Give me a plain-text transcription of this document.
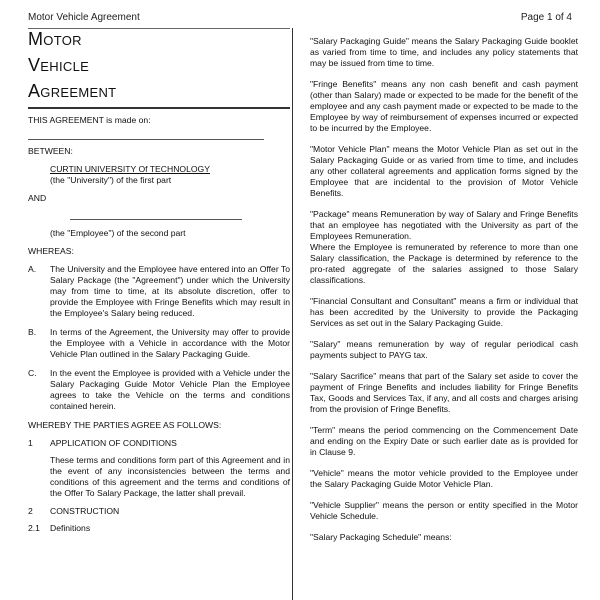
Motor Vehicle Agreement	Page 1 of 4
Motor
Vehicle
Agreement
THIS AGREEMENT is made on:
BETWEEN:
CURTIN UNIVERSITY Of TECHNOLOGY
(the "University") of the first part
AND
(the "Employee") of the second part
WHEREAS:
A.	The University and the Employee have entered into an Offer To Salary Package (the "Agreement") under which the University may from time to time, at its absolute discretion, offer to provide the Employee with Fringe Benefits which may result in the Employee's Salary being reduced.
B.	In terms of the Agreement, the University may offer to provide the Employee with a Vehicle in accordance with the Motor Vehicle Plan outlined in the Salary Packaging Guide.
C.	In the event the Employee is provided with a Vehicle under the Salary Packaging Guide Motor Vehicle Plan the Employee agrees to take the Vehicle on the terms and conditions contained herein.
WHEREBY THE PARTIES AGREE AS FOLLOWS:
1	APPLICATION OF CONDITIONS
These terms and conditions form part of this Agreement and in the event of any inconsistencies between the terms and conditions of this agreement and the terms and conditions of the Offer To Salary Package, the latter shall prevail.
2	CONSTRUCTION
2.1	Definitions
"Salary Packaging Guide" means the Salary Packaging Guide booklet as varied from time to time, and includes any policy statements that may be issued from time to time.
"Fringe Benefits" means any non cash benefit and cash payment (other than Salary) made or expected to be made for the benefit of the employee and any cash payment made or expected to be made to the Employee by way of reimbursement of expenses incurred or expected to be incurred by the Employee.
"Motor Vehicle Plan" means the Motor Vehicle Plan as set out in the Salary Packaging Guide or as varied from time to time, and includes any other collateral agreements and application forms signed by the Employee that are incidental to the provision of Motor Vehicle Benefits.
"Package" means Remuneration by way of Salary and Fringe Benefits that an employee has negotiated with the University as part of the Employees Remuneration.
Where the Employee is remunerated by reference to more than one Salary classification, the Package is determined by reference to the pro-rated aggregate of the salaries assigned to those Salary classifications.
"Financial Consultant and Consultant" means a firm or individual that has been accredited by the University to provide the Packaging Services as set out in the Salary Packaging Guide.
"Salary" means remuneration by way of regular periodical cash payments subject to PAYG tax.
"Salary Sacrifice" means that part of the Salary set aside to cover the payment of Fringe Benefits and includes liability for Fringe Benefits Tax, Goods and Services Tax, if any, and all costs and charges arising from the provision of Fringe Benefits.
"Term" means the period commencing on the Commencement Date and ending on the Expiry Date or such earlier date as is provided for in Clause 9.
"Vehicle" means the motor vehicle provided to the Employee under the Salary Packaging Guide Motor Vehicle Plan.
"Vehicle Supplier" means the person or entity specified in the Motor Vehicle Schedule.
"Salary Packaging Schedule" means:
